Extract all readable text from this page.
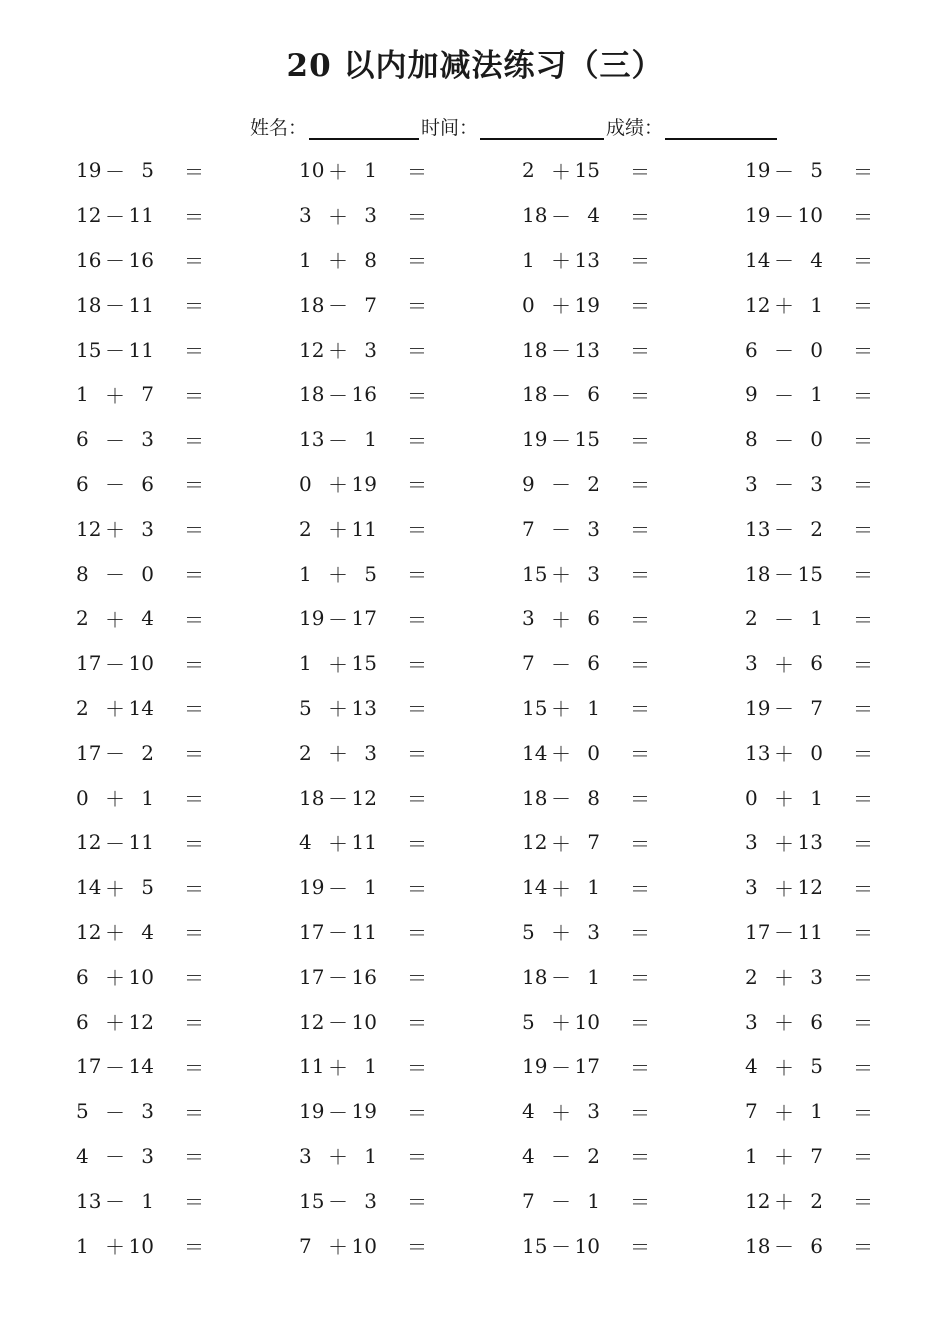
20 以内加减法练习（三）
姓名：	时间：	成绩：
19 － 5	＝	10 ＋ 1	＝	2 ＋ 15	＝	19 － 5	＝
12 － 11	＝	3 ＋ 3	＝	18 － 4	＝	19 － 10	＝
16 － 16	＝	1 ＋ 8	＝	1 ＋ 13	＝	14 － 4	＝
18 － 11	＝	18 － 7	＝	0 ＋ 19	＝	12 ＋ 1	＝
15 － 11	＝	12 ＋ 3	＝	18 － 13	＝	6 － 0	＝
1 ＋ 7	＝	18 － 16	＝	18 － 6	＝	9 － 1	＝
6 － 3	＝	13 － 1	＝	19 － 15	＝	8 － 0	＝
6 － 6	＝	0 ＋ 19	＝	9 － 2	＝	3 － 3	＝
12 ＋ 3	＝	2 ＋ 11	＝	7 － 3	＝	13 － 2	＝
8 － 0	＝	1 ＋ 5	＝	15 ＋ 3	＝	18 － 15	＝
2 ＋ 4	＝	19 － 17	＝	3 ＋ 6	＝	2 － 1	＝
17 － 10	＝	1 ＋ 15	＝	7 － 6	＝	3 ＋ 6	＝
2 ＋ 14	＝	5 ＋ 13	＝	15 ＋ 1	＝	19 － 7	＝
17 － 2	＝	2 ＋ 3	＝	14 ＋ 0	＝	13 ＋ 0	＝
0 ＋ 1	＝	18 － 12	＝	18 － 8	＝	0 ＋ 1	＝
12 － 11	＝	4 ＋ 11	＝	12 ＋ 7	＝	3 ＋ 13	＝
14 ＋ 5	＝	19 － 1	＝	14 ＋ 1	＝	3 ＋ 12	＝
12 ＋ 4	＝	17 － 11	＝	5 ＋ 3	＝	17 － 11	＝
6 ＋ 10	＝	17 － 16	＝	18 － 1	＝	2 ＋ 3	＝
6 ＋ 12	＝	12 － 10	＝	5 ＋ 10	＝	3 ＋ 6	＝
17 － 14	＝	11 ＋ 1	＝	19 － 17	＝	4 ＋ 5	＝
5 － 3	＝	19 － 19	＝	4 ＋ 3	＝	7 ＋ 1	＝
4 － 3	＝	3 ＋ 1	＝	4 － 2	＝	1 ＋ 7	＝
13 － 1	＝	15 － 3	＝	7 － 1	＝	12 ＋ 2	＝
1 ＋ 10	＝	7 ＋ 10	＝	15 － 10	＝	18 － 6	＝
